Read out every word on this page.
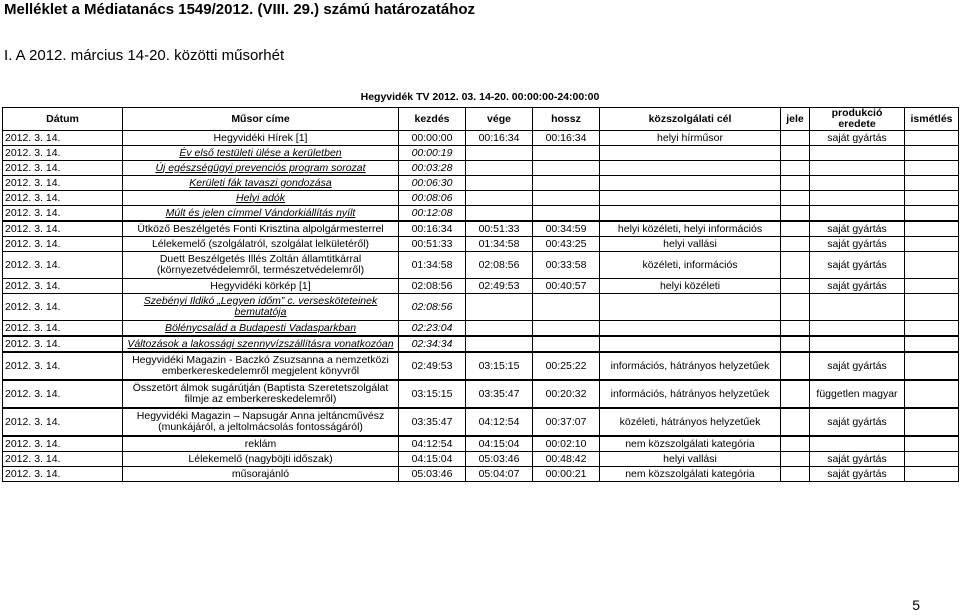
Melléklet a Médiatanács 1549/2012. (VIII. 29.) számú határozatához
I. A 2012. március 14-20. közötti műsorhét
Hegyvidék TV 2012. 03. 14-20. 00:00:00-24:00:00
Dátum	Műsor címe	kezdés	vége	hossz	közszolgálati cél	jele	produkció eredete	ismétlés
2012. 3. 14.	Hegyvidéki Hírek [1]	00:00:00	00:16:34	00:16:34	helyi hírműsor		saját gyártás	
2012. 3. 14.	Év első testületi ülése a kerületben	00:00:19						
2012. 3. 14.	Új egészségügyi prevenciós program sorozat	00:03:28						
2012. 3. 14.	Kerületi fák tavaszi gondozása	00:06:30						
2012. 3. 14.	Helyi adók	00:08:06						
2012. 3. 14.	Múlt és jelen címmel Vándorkiállítás nyílt	00:12:08						
2012. 3. 14.	Ütköző Beszélgetés Fonti Krisztina alpolgármesterrel	00:16:34	00:51:33	00:34:59	helyi közéleti, helyi információs		saját gyártás	
2012. 3. 14.	Lélekemelő (szolgálatról, szolgálat lelkületéről)	00:51:33	01:34:58	00:43:25	helyi vallási		saját gyártás	
2012. 3. 14.	Duett Beszélgetés Illés Zoltán államtitkárral (környezetvédelemről, természetvédelemről)	01:34:58	02:08:56	00:33:58	közéleti, információs		saját gyártás	
2012. 3. 14.	Hegyvidéki körkép [1]	02:08:56	02:49:53	00:40:57	helyi közéleti		saját gyártás	
2012. 3. 14.	Szebényi Ildikó „Legyen időm” c. versesköteteinek bemutatója	02:08:56						
2012. 3. 14.	Bölénycsalád a Budapesti Vadasparkban	02:23:04						
2012. 3. 14.	Változások a lakossági szennyvízszállításra vonatkozóan	02:34:34						
2012. 3. 14.	Hegyvidéki Magazin - Baczkó Zsuzsanna a nemzetközi emberkereskedelemről megjelent könyvről	02:49:53	03:15:15	00:25:22	információs, hátrányos helyzetűek		saját gyártás	
2012. 3. 14.	Összetört álmok sugárútján (Baptista Szeretetszolgálat filmje az emberkereskedelemről)	03:15:15	03:35:47	00:20:32	információs, hátrányos helyzetűek		független magyar	
2012. 3. 14.	Hegyvidéki Magazin – Napsugár Anna jeltáncművész (munkájáról, a jeltolmácsolás fontosságáról)	03:35:47	04:12:54	00:37:07	közéleti, hátrányos helyzetűek		saját gyártás	
2012. 3. 14.	reklám	04:12:54	04:15:04	00:02:10	nem közszolgálati kategória			
2012. 3. 14.	Lélekemelő (nagyböjti időszak)	04:15:04	05:03:46	00:48:42	helyi vallási		saját gyártás	
2012. 3. 14.	műsorajánló	05:03:46	05:04:07	00:00:21	nem közszolgálati kategória		saját gyártás	
5
